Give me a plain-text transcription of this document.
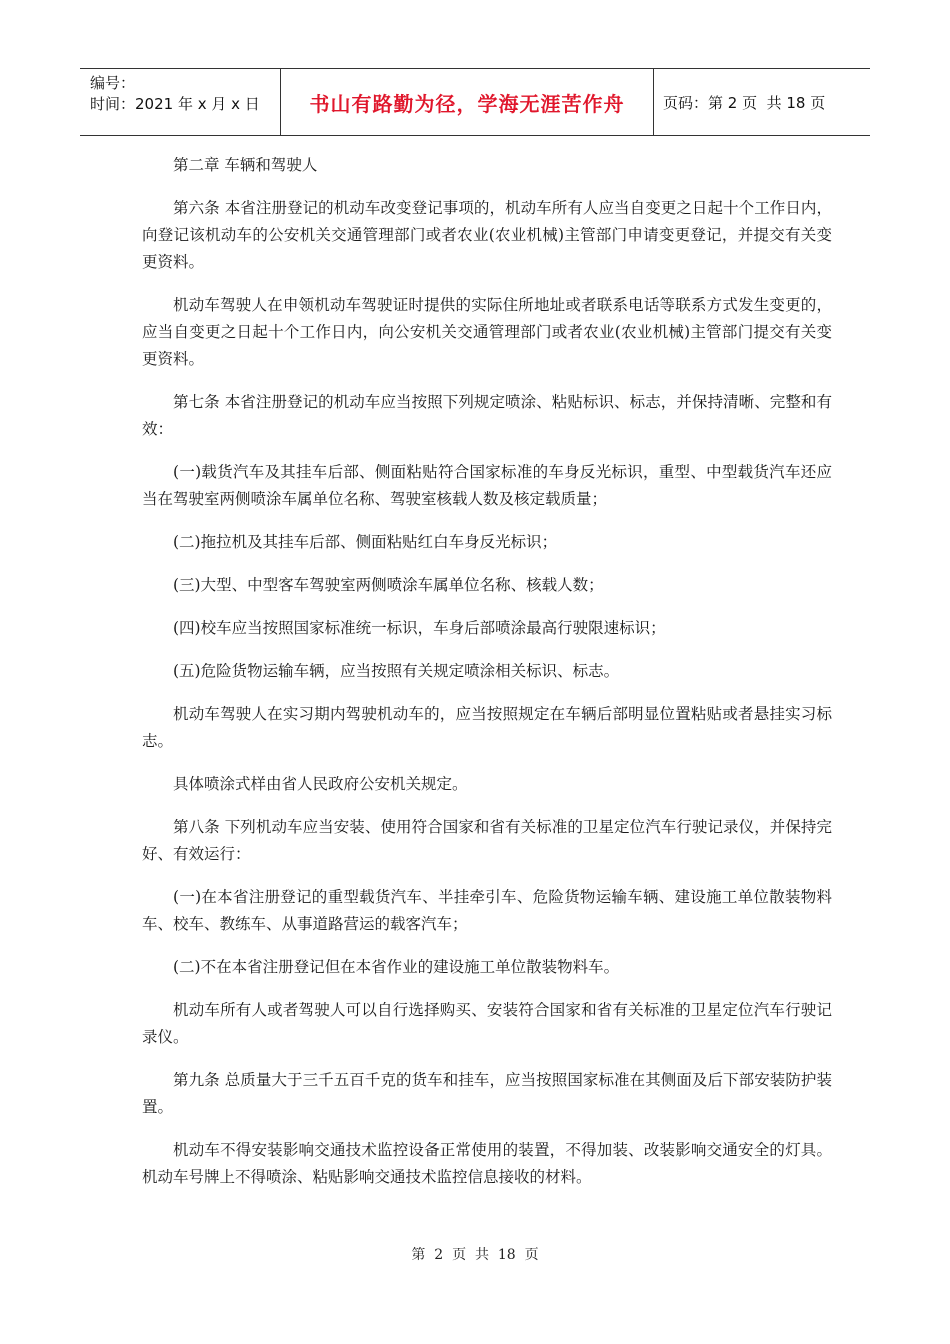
编号：
时间：2021 年 x 月 x 日	书山有路勤为径，学海无涯苦作舟	页码：第 2 页  共 18 页

第二章 车辆和驾驶人

第六条 本省注册登记的机动车改变登记事项的，机动车所有人应当自变更之日起十个工作日内，向登记该机动车的公安机关交通管理部门或者农业(农业机械)主管部门申请变更登记，并提交有关变更资料。

机动车驾驶人在申领机动车驾驶证时提供的实际住所地址或者联系电话等联系方式发生变更的，应当自变更之日起十个工作日内，向公安机关交通管理部门或者农业(农业机械)主管部门提交有关变更资料。

第七条 本省注册登记的机动车应当按照下列规定喷涂、粘贴标识、标志，并保持清晰、完整和有效：

(一)载货汽车及其挂车后部、侧面粘贴符合国家标准的车身反光标识，重型、中型载货汽车还应当在驾驶室两侧喷涂车属单位名称、驾驶室核载人数及核定载质量；

(二)拖拉机及其挂车后部、侧面粘贴红白车身反光标识；

(三)大型、中型客车驾驶室两侧喷涂车属单位名称、核载人数；

(四)校车应当按照国家标准统一标识，车身后部喷涂最高行驶限速标识；

(五)危险货物运输车辆，应当按照有关规定喷涂相关标识、标志。

机动车驾驶人在实习期内驾驶机动车的，应当按照规定在车辆后部明显位置粘贴或者悬挂实习标志。

具体喷涂式样由省人民政府公安机关规定。

第八条 下列机动车应当安装、使用符合国家和省有关标准的卫星定位汽车行驶记录仪，并保持完好、有效运行：

(一)在本省注册登记的重型载货汽车、半挂牵引车、危险货物运输车辆、建设施工单位散装物料车、校车、教练车、从事道路营运的载客汽车；

(二)不在本省注册登记但在本省作业的建设施工单位散装物料车。

机动车所有人或者驾驶人可以自行选择购买、安装符合国家和省有关标准的卫星定位汽车行驶记录仪。

第九条 总质量大于三千五百千克的货车和挂车，应当按照国家标准在其侧面及后下部安装防护装置。

机动车不得安装影响交通技术监控设备正常使用的装置，不得加装、改装影响交通安全的灯具。机动车号牌上不得喷涂、粘贴影响交通技术监控信息接收的材料。

第  2  页  共  18  页
